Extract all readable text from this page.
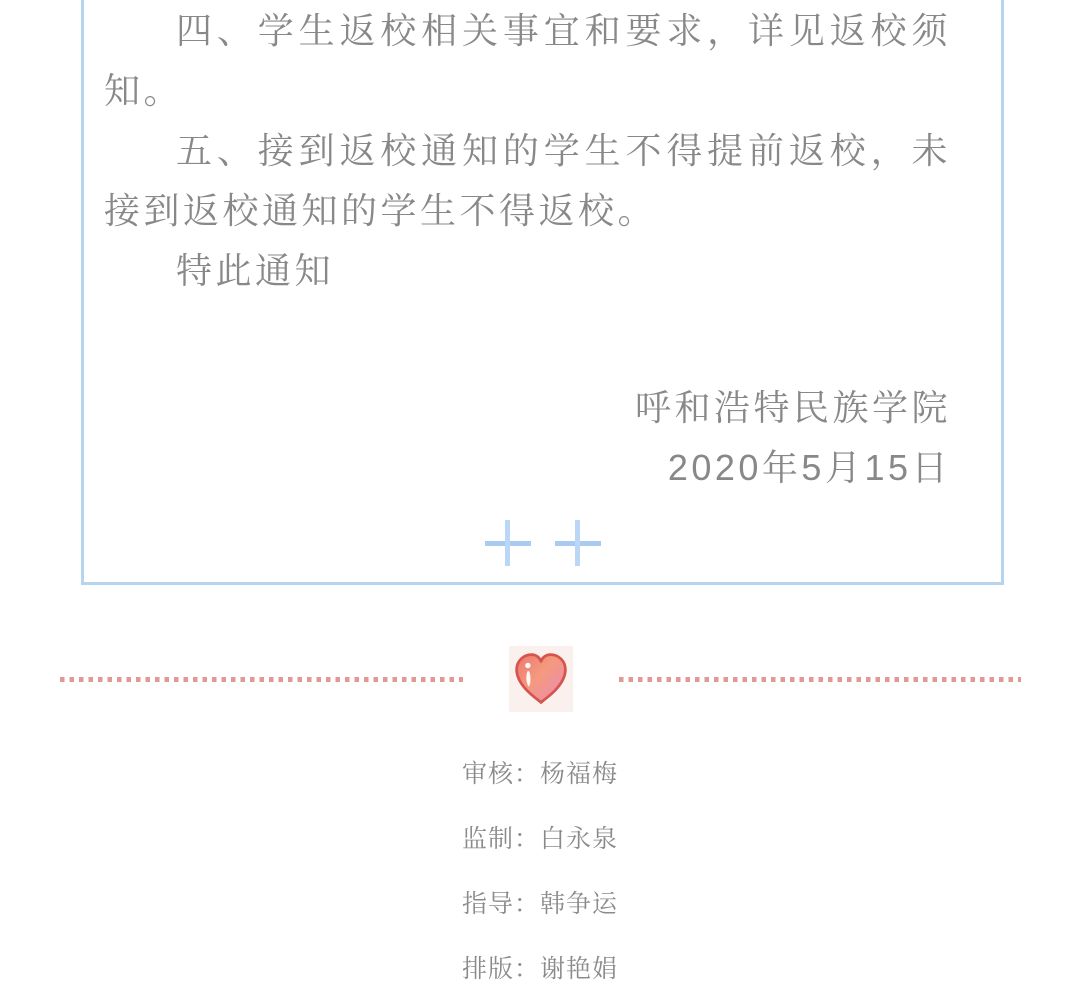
四、学生返校相关事宜和要求，详见返校须知。

五、接到返校通知的学生不得提前返校，未接到返校通知的学生不得返校。

特此通知

呼和浩特民族学院

2020年5月15日

审核：杨福梅

监制：白永泉

指导：韩争运

排版：谢艳娟
